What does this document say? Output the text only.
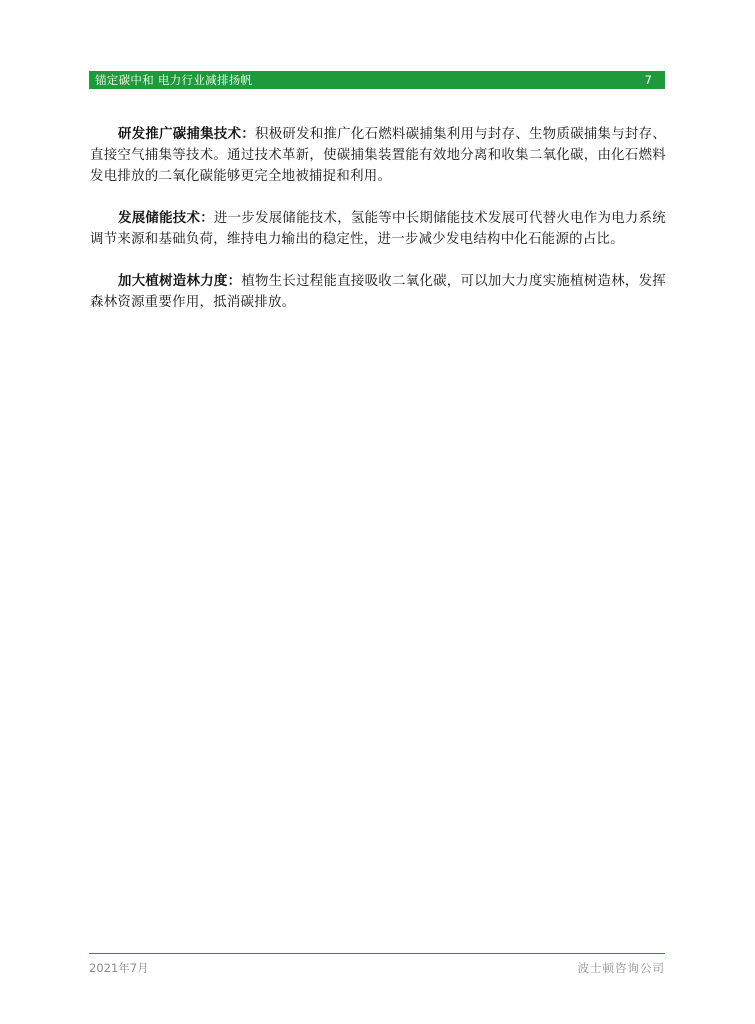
锚定碳中和 电力行业减排扬帆	7

研发推广碳捕集技术：积极研发和推广化石燃料碳捕集利用与封存、生物质碳捕集与封存、直接空气捕集等技术。通过技术革新，使碳捕集装置能有效地分离和收集二氧化碳，由化石燃料发电排放的二氧化碳能够更完全地被捕捉和利用。

发展储能技术：进一步发展储能技术，氢能等中长期储能技术发展可代替火电作为电力系统调节来源和基础负荷，维持电力输出的稳定性，进一步减少发电结构中化石能源的占比。

加大植树造林力度：植物生长过程能直接吸收二氧化碳，可以加大力度实施植树造林，发挥森林资源重要作用，抵消碳排放。

2021年7月	波士顿咨询公司
